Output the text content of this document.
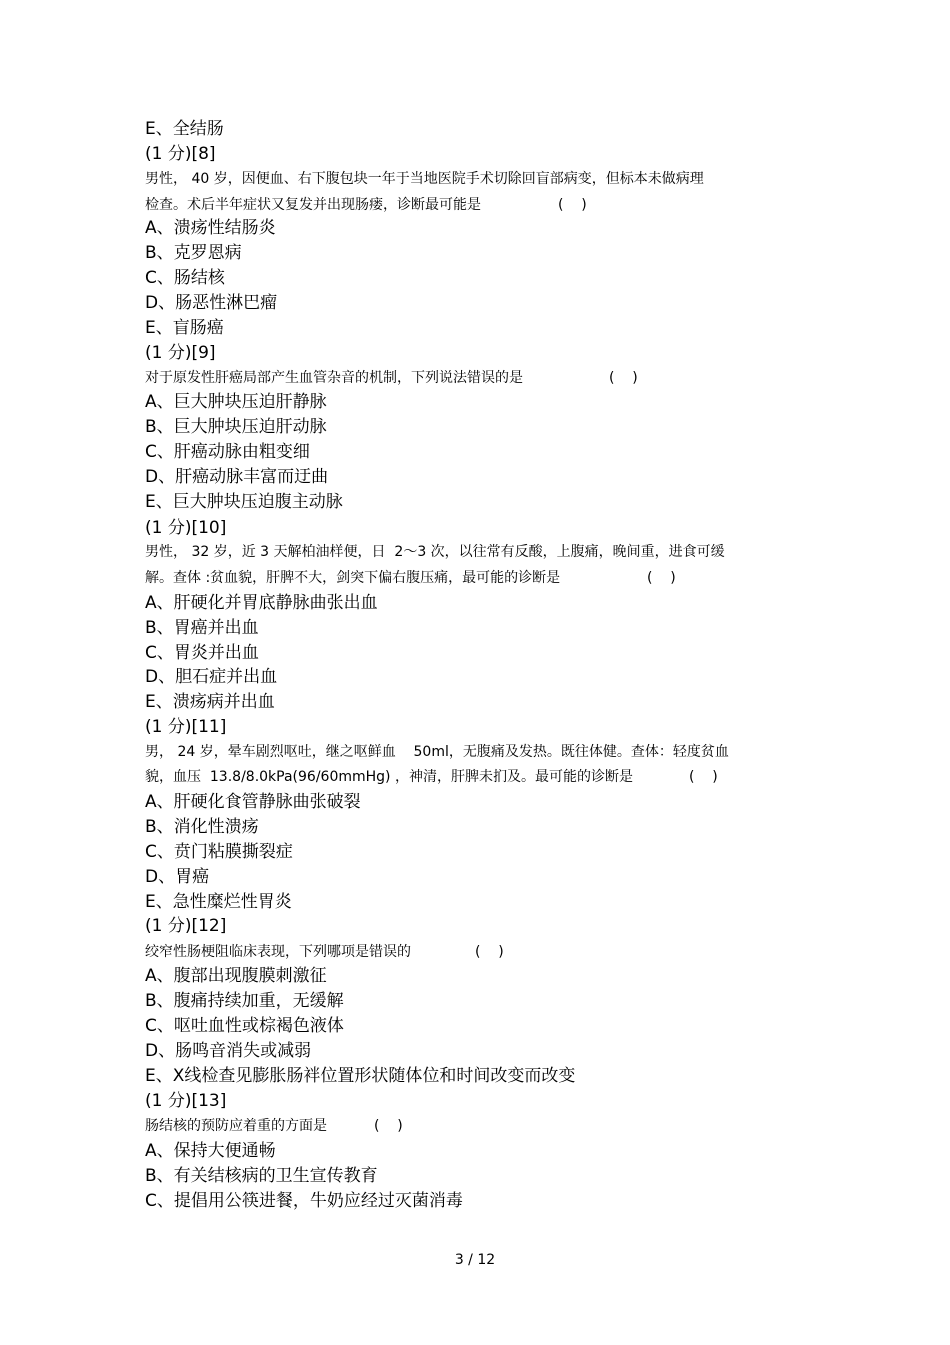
E、全结肠
(1 分)[8]
男性， 40 岁，因便血、右下腹包块一年于当地医院手术切除回盲部病变，但标本未做病理
检查。术后半年症状又复发并出现肠瘘，诊断最可能是	(    )
A、溃疡性结肠炎
B、克罗恩病
C、肠结核
D、肠恶性淋巴瘤
E、盲肠癌
(1 分)[9]
对于原发性肝癌局部产生血管杂音的机制，下列说法错误的是	(    )
A、巨大肿块压迫肝静脉
B、巨大肿块压迫肝动脉
C、肝癌动脉由粗变细
D、肝癌动脉丰富而迂曲
E、巨大肿块压迫腹主动脉
(1 分)[10]
男性， 32 岁，近 3 天解柏油样便，日  2～3 次，以往常有反酸，上腹痛，晚间重，进食可缓
解。查体 :贫血貌，肝脾不大，剑突下偏右腹压痛，最可能的诊断是	(    )
A、肝硬化并胃底静脉曲张出血
B、胃癌并出血
C、胃炎并出血
D、胆石症并出血
E、溃疡病并出血
(1 分)[11]
男， 24 岁，晕车剧烈呕吐，继之呕鲜血    50ml，无腹痛及发热。既往体健。查体：轻度贫血
貌，血压  13.8/8.0kPa(96/60mmHg) ，神清，肝脾未扪及。最可能的诊断是	(    )
A、肝硬化食管静脉曲张破裂
B、消化性溃疡
C、贲门粘膜撕裂症
D、胃癌
E、急性糜烂性胃炎
(1 分)[12]
绞窄性肠梗阻临床表现，下列哪项是错误的	(    )
A、腹部出现腹膜刺激征
B、腹痛持续加重，无缓解
C、呕吐血性或棕褐色液体
D、肠鸣音消失或减弱
E、X线检查见膨胀肠袢位置形状随体位和时间改变而改变
(1 分)[13]
肠结核的预防应着重的方面是	(    )
A、保持大便通畅
B、有关结核病的卫生宣传教育
C、提倡用公筷进餐，牛奶应经过灭菌消毒
3 / 12
